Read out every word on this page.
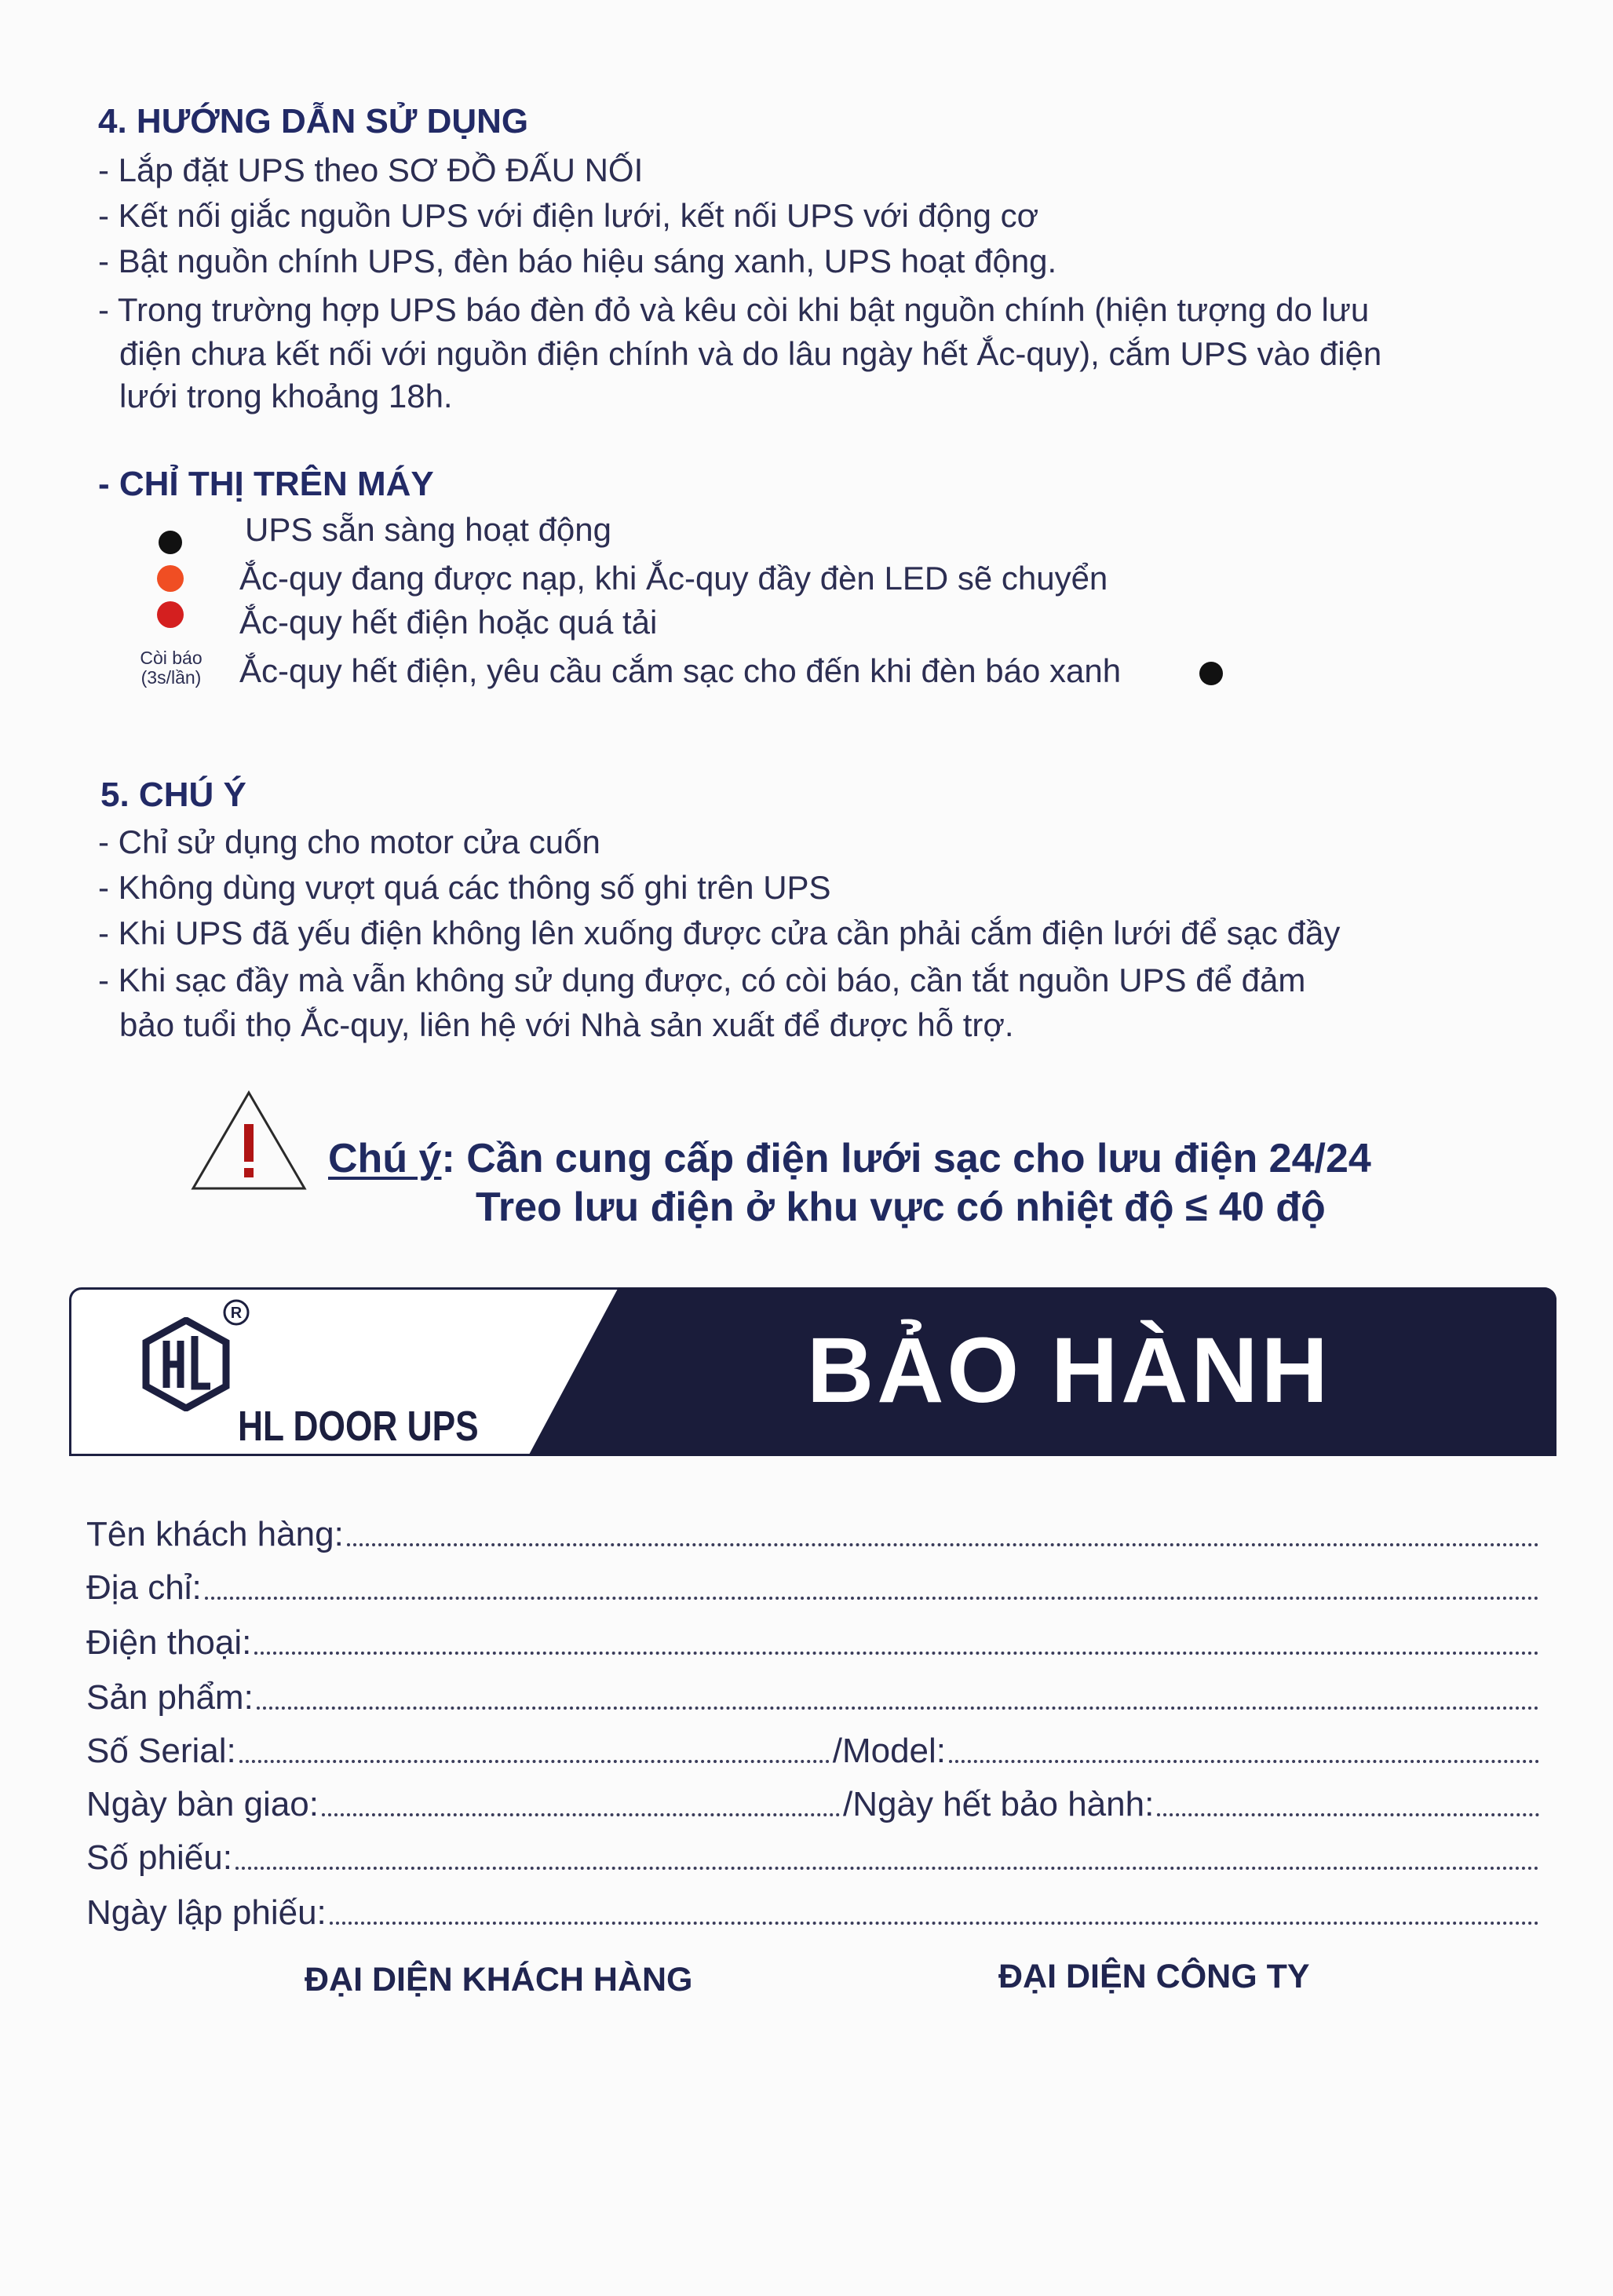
4. HƯỚNG DẪN SỬ DỤNG
- Lắp đặt UPS theo SƠ ĐỒ ĐẤU NỐI
- Kết nối giắc nguồn UPS với điện lưới, kết nối UPS với động cơ
- Bật nguồn chính UPS, đèn báo hiệu sáng xanh, UPS hoạt động.
- Trong trường hợp UPS báo đèn đỏ và kêu còi khi bật nguồn chính (hiện tượng do lưu
điện chưa kết nối với nguồn điện chính và do lâu ngày hết Ắc-quy), cắm UPS vào điện
lưới trong khoảng 18h.
- CHỈ THỊ TRÊN MÁY
UPS sẵn sàng hoạt động
Ắc-quy đang được nạp, khi Ắc-quy đầy đèn LED sẽ chuyển
Ắc-quy hết điện hoặc quá tải
Còi báo
(3s/lần) Ắc-quy hết điện, yêu cầu cắm sạc cho đến khi đèn báo xanh
5. CHÚ Ý
- Chỉ sử dụng cho motor cửa cuốn
- Không dùng vượt quá các thông số ghi trên UPS
- Khi UPS đã yếu điện không lên xuống được cửa cần phải cắm điện lưới để sạc đầy
- Khi sạc đầy mà vẫn không sử dụng được, có còi báo, cần tắt nguồn UPS để đảm
bảo tuổi thọ Ắc-quy, liên hệ với Nhà sản xuất để được hỗ trợ.
Chú ý: Cần cung cấp điện lưới sạc cho lưu điện 24/24
Treo lưu điện ở khu vực có nhiệt độ ≤ 40 độ
R
HL DOOR UPS
BẢO HÀNH
Tên khách hàng:
Địa chỉ:
Điện thoại:
Sản phẩm:
Số Serial:	/Model:
Ngày bàn giao:	/Ngày hết bảo hành:
Số phiếu:
Ngày lập phiếu:
ĐẠI DIỆN KHÁCH HÀNG	ĐẠI DIỆN CÔNG TY
